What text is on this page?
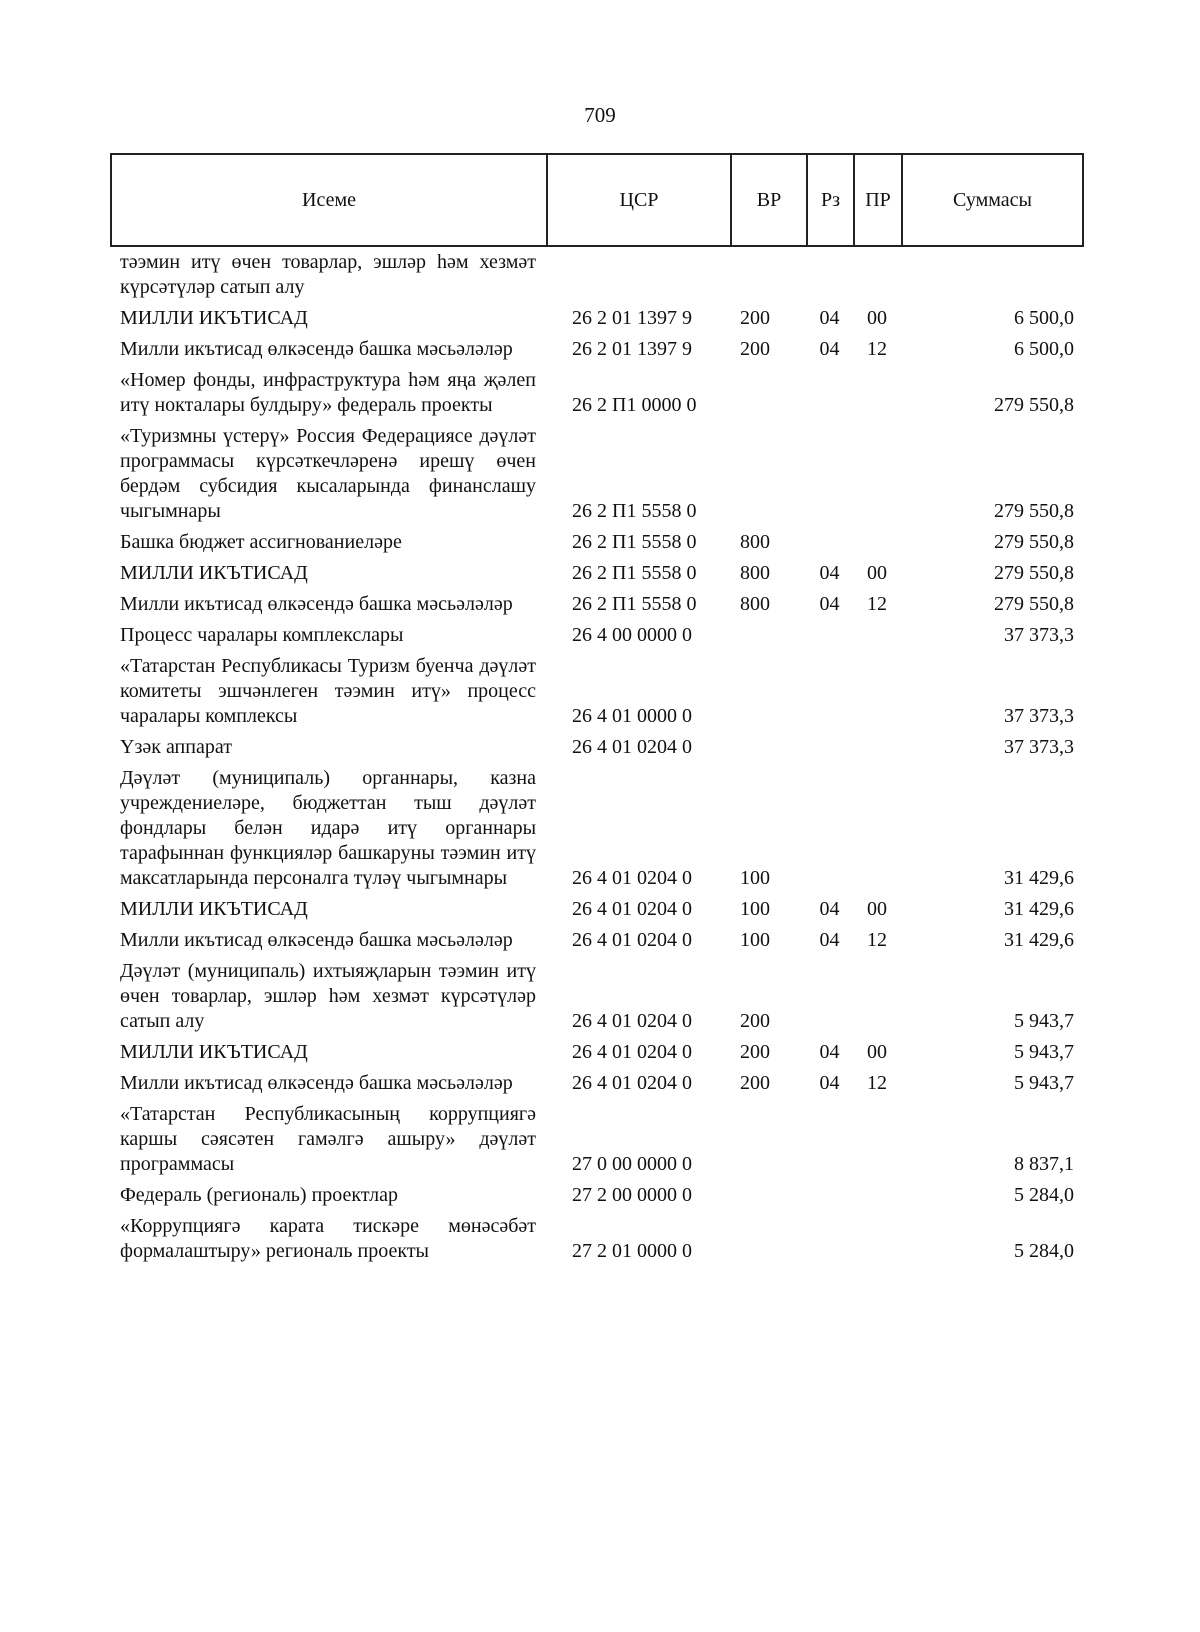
709
Исеме	ЦСР	ВР	Рз	ПР	Суммасы
тәэмин итү өчен товарлар, эшләр һәм хезмәт күрсәтүләр сатып алу					
МИЛЛИ ИКЪТИСАД	26 2 01 1397 9	200	04	00	6 500,0
Милли икътисад өлкәсендә башка мәсьәләләр	26 2 01 1397 9	200	04	12	6 500,0
«Номер фонды, инфраструктура һәм яңа җәлеп итү нокталары булдыру» федераль проекты	26 2 П1 0000 0				279 550,8
«Туризмны үстерү» Россия Федерациясе дәүләт программасы күрсәткечләренә ирешү өчен бердәм субсидия кысаларында финанслашу чыгымнары	26 2 П1 5558 0				279 550,8
Башка бюджет ассигнованиеләре	26 2 П1 5558 0	800			279 550,8
МИЛЛИ ИКЪТИСАД	26 2 П1 5558 0	800	04	00	279 550,8
Милли икътисад өлкәсендә башка мәсьәләләр	26 2 П1 5558 0	800	04	12	279 550,8
Процесс чаралары комплекслары	26 4 00 0000 0				37 373,3
«Татарстан Республикасы Туризм буенча дәүләт комитеты эшчәнлеген тәэмин итү» процесс чаралары комплексы	26 4 01 0000 0				37 373,3
Үзәк аппарат	26 4 01 0204 0				37 373,3
Дәүләт (муниципаль) органнары, казна учреждениеләре, бюджеттан тыш дәүләт фондлары белән идарә итү органнары тарафыннан функцияләр башкаруны тәэмин итү максатларында персоналга түләү чыгымнары	26 4 01 0204 0	100			31 429,6
МИЛЛИ ИКЪТИСАД	26 4 01 0204 0	100	04	00	31 429,6
Милли икътисад өлкәсендә башка мәсьәләләр	26 4 01 0204 0	100	04	12	31 429,6
Дәүләт (муниципаль) ихтыяҗларын тәэмин итү өчен товарлар, эшләр һәм хезмәт күрсәтүләр сатып алу	26 4 01 0204 0	200			5 943,7
МИЛЛИ ИКЪТИСАД	26 4 01 0204 0	200	04	00	5 943,7
Милли икътисад өлкәсендә башка мәсьәләләр	26 4 01 0204 0	200	04	12	5 943,7
«Татарстан Республикасының коррупциягә каршы сәясәтен гамәлгә ашыру» дәүләт программасы	27 0 00 0000 0				8 837,1
Федераль (региональ) проектлар	27 2 00 0000 0				5 284,0
«Коррупциягә карата тискәре мөнәсәбәт формалаштыру» региональ проекты	27 2 01 0000 0				5 284,0
